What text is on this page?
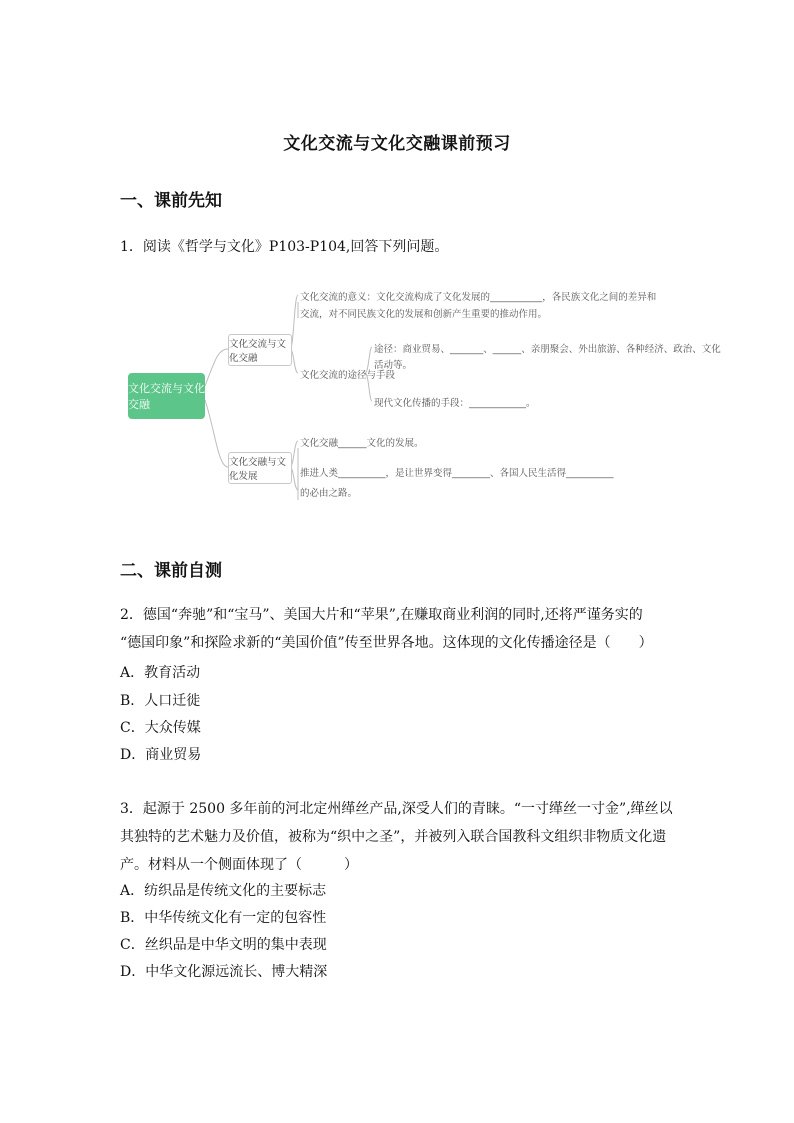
文化交流与文化交融课前预习
一、课前先知
1．阅读《哲学与文化》P103-P104,回答下列问题。
文化交流与文化交融
文化交流与文化交融
文化交融与文化发展
文化交流的意义：文化交流构成了文化发展的___________，各民族文化之间的差异和
交流，对不同民族文化的发展和创新产生重要的推动作用。
文化交流的途径与手段
途径：商业贸易、_______、______、亲朋聚会、外出旅游、各种经济、政治、文化
活动等。
现代文化传播的手段：____________。
文化交融______文化的发展。
推进人类__________，是让世界变得________、各国人民生活得__________
的必由之路。
二、课前自测
2．德国“奔驰”和“宝马”、美国大片和“苹果”,在赚取商业利润的同时,还将严谨务实的
“德国印象”和探险求新的“美国价值”传至世界各地。这体现的文化传播途径是（　　）
A．教育活动
B．人口迁徙
C．大众传媒
D．商业贸易
3．起源于 2500 多年前的河北定州缂丝产品,深受人们的青睐。“一寸缂丝一寸金”,缂丝以
其独特的艺术魅力及价值，被称为“织中之圣”，并被列入联合国教科文组织非物质文化遗
产。材料从一个侧面体现了（　　　）
A．纺织品是传统文化的主要标志
B．中华传统文化有一定的包容性
C．丝织品是中华文明的集中表现
D．中华文化源远流长、博大精深
